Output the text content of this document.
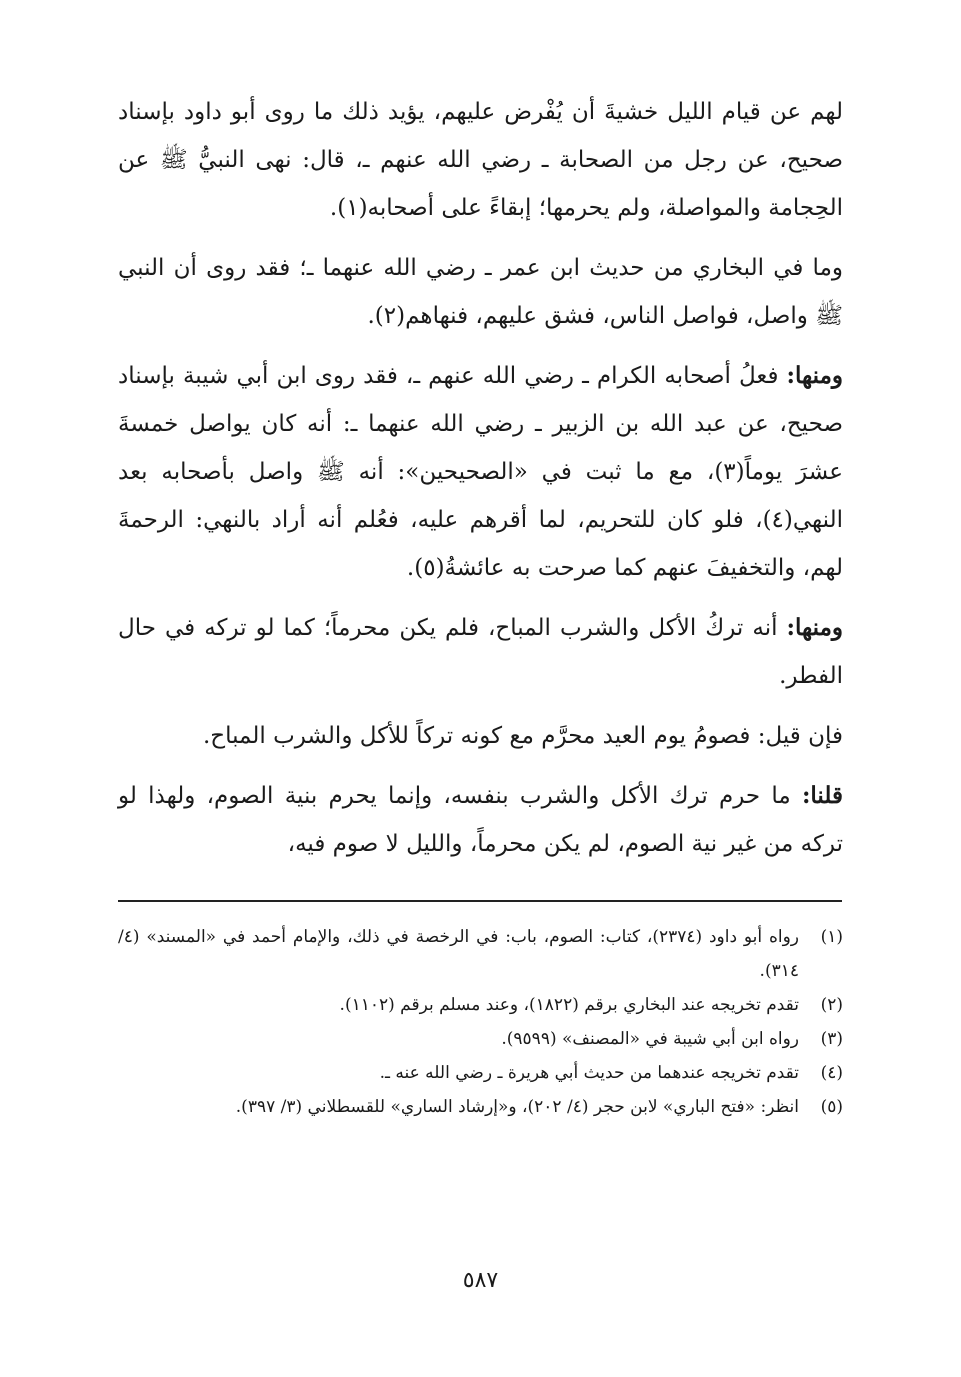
لهم عن قيام الليل خشيةَ أن يُفْرض عليهم، يؤيد ذلك ما روى أبو داود بإسناد صحيح، عن رجل من الصحابة ـ رضي الله عنهم ـ، قال: نهى النبيُّ ﷺ عن الحِجامة والمواصلة، ولم يحرمها؛ إبقاءً على أصحابه(١).

وما في البخاري من حديث ابن عمر ـ رضي الله عنهما ـ؛ فقد روى أن النبي ﷺ واصل، فواصل الناس، فشق عليهم، فنهاهم(٢).

ومنها: فعلُ أصحابه الكرام ـ رضي الله عنهم ـ، فقد روى ابن أبي شيبة بإسناد صحيح، عن عبد الله بن الزبير ـ رضي الله عنهما ـ: أنه كان يواصل خمسةَ عشرَ يوماً(٣)، مع ما ثبت في «الصحيحين»: أنه ﷺ واصل بأصحابه بعد النهي(٤)، فلو كان للتحريم، لما أقرهم عليه، فعُلم أنه أراد بالنهي: الرحمةَ لهم، والتخفيفَ عنهم كما صرحت به عائشةُ(٥).

ومنها: أنه تركُ الأكل والشرب المباح، فلم يكن محرماً؛ كما لو تركه في حال الفطر.

فإن قيل: فصومُ يوم العيد محرَّم مع كونه تركاً للأكل والشرب المباح.

قلنا: ما حرم ترك الأكل والشرب بنفسه، وإنما يحرم بنية الصوم، ولهذا لو تركه من غير نية الصوم، لم يكن محرماً، والليل لا صوم فيه،

(١)
رواه أبو داود (٢٣٧٤)، كتاب: الصوم، باب: في الرخصة في ذلك، والإمام أحمد في «المسند» (٤/ ٣١٤).
(٢)
تقدم تخريجه عند البخاري برقم (١٨٢٢)، وعند مسلم برقم (١١٠٢).
(٣)
رواه ابن أبي شيبة في «المصنف» (٩٥٩٩).
(٤)
تقدم تخريجه عندهما من حديث أبي هريرة ـ رضي الله عنه ـ.
(٥)
انظر: «فتح الباري» لابن حجر (٤/ ٢٠٢)، و«إرشاد الساري» للقسطلاني (٣/ ٣٩٧).
٥٨٧
